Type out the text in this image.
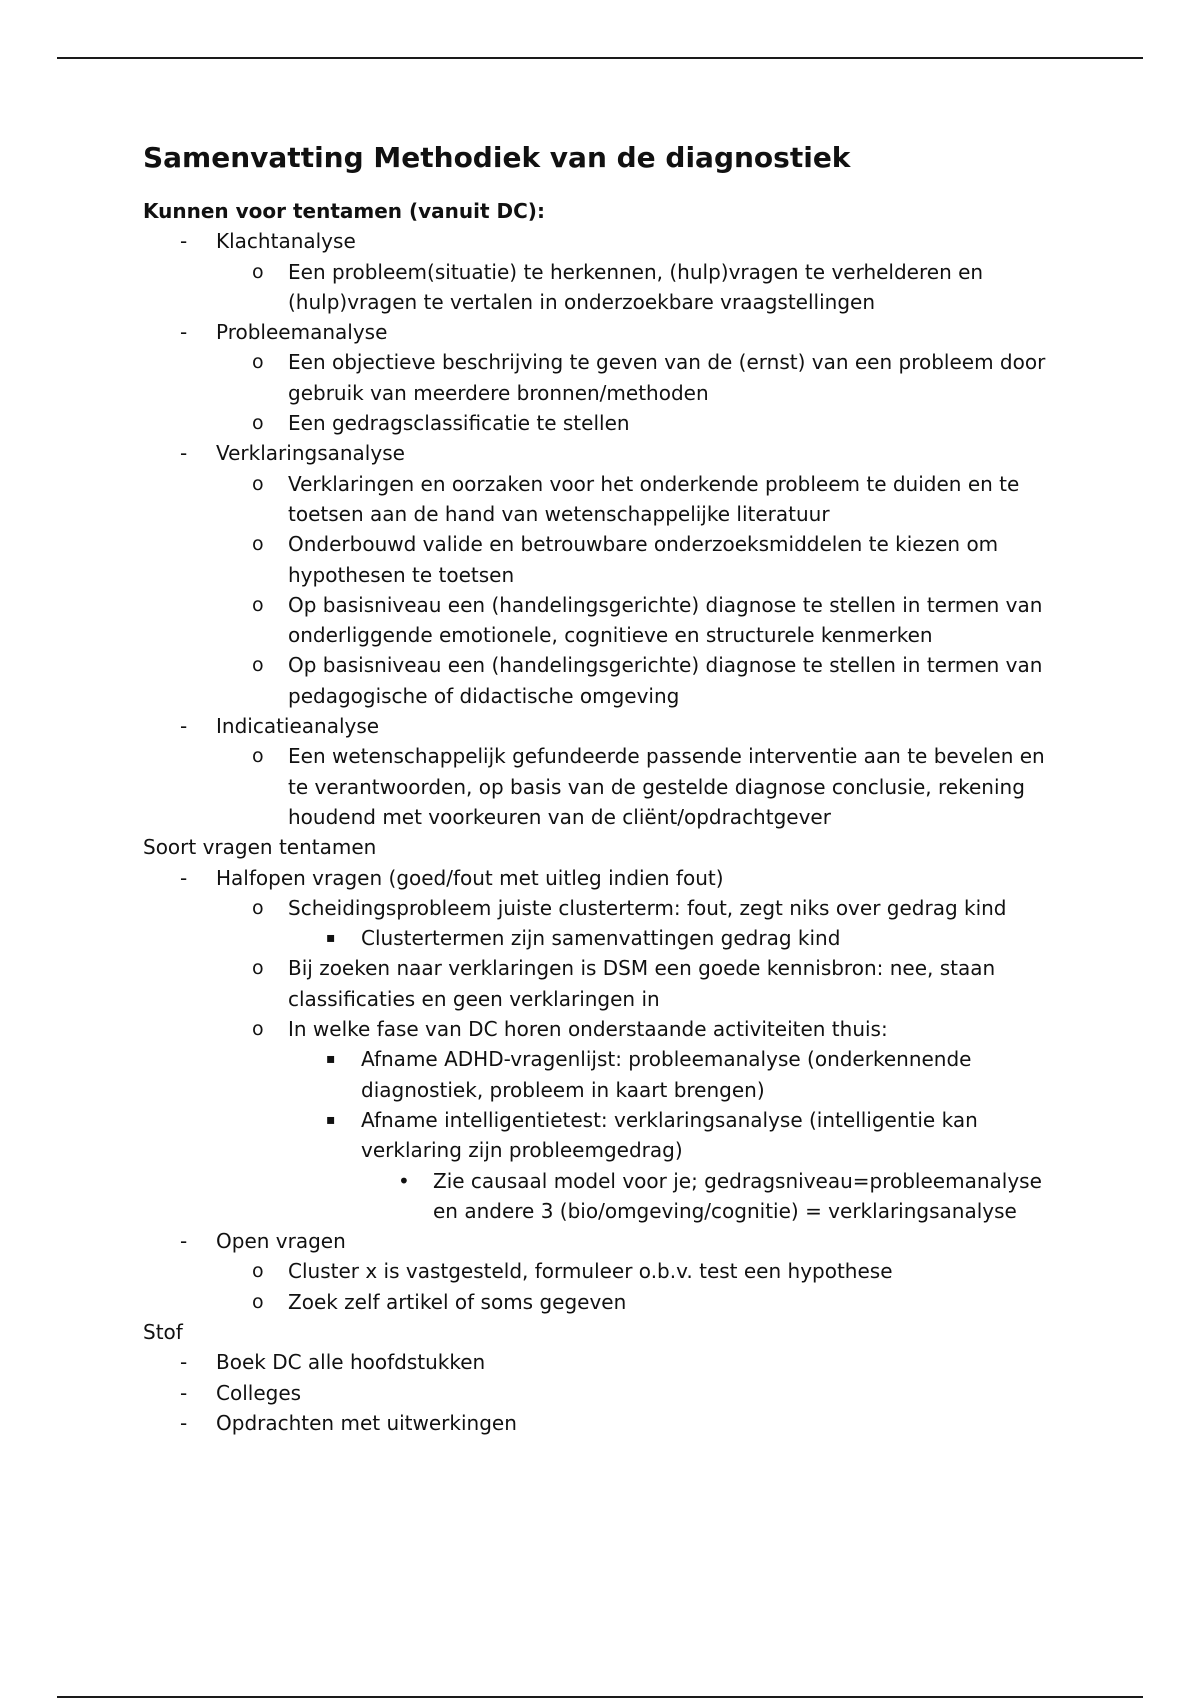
Samenvatting Methodiek van de diagnostiek
Kunnen voor tentamen (vanuit DC):
- Klachtanalyse
o Een probleem(situatie) te herkennen, (hulp)vragen te verhelderen en (hulp)vragen te vertalen in onderzoekbare vraagstellingen
- Probleemanalyse
o Een objectieve beschrijving te geven van de (ernst) van een probleem door gebruik van meerdere bronnen/methoden
o Een gedragsclassificatie te stellen
- Verklaringsanalyse
o Verklaringen en oorzaken voor het onderkende probleem te duiden en te toetsen aan de hand van wetenschappelijke literatuur
o Onderbouwd valide en betrouwbare onderzoeksmiddelen te kiezen om hypothesen te toetsen
o Op basisniveau een (handelingsgerichte) diagnose te stellen in termen van onderliggende emotionele, cognitieve en structurele kenmerken
o Op basisniveau een (handelingsgerichte) diagnose te stellen in termen van pedagogische of didactische omgeving
- Indicatieanalyse
o Een wetenschappelijk gefundeerde passende interventie aan te bevelen en te verantwoorden, op basis van de gestelde diagnose conclusie, rekening houdend met voorkeuren van de cliënt/opdrachtgever
Soort vragen tentamen
- Halfopen vragen (goed/fout met uitleg indien fout)
o Scheidingsprobleem juiste clusterterm: fout, zegt niks over gedrag kind
▪ Clustertermen zijn samenvattingen gedrag kind
o Bij zoeken naar verklaringen is DSM een goede kennisbron: nee, staan classificaties en geen verklaringen in
o In welke fase van DC horen onderstaande activiteiten thuis:
▪ Afname ADHD-vragenlijst: probleemanalyse (onderkennende diagnostiek, probleem in kaart brengen)
▪ Afname intelligentietest: verklaringsanalyse (intelligentie kan verklaring zijn probleemgedrag)
• Zie causaal model voor je; gedragsniveau=probleemanalyse en andere 3 (bio/omgeving/cognitie) = verklaringsanalyse
- Open vragen
o Cluster x is vastgesteld, formuleer o.b.v. test een hypothese
o Zoek zelf artikel of soms gegeven
Stof
- Boek DC alle hoofdstukken
- Colleges
- Opdrachten met uitwerkingen
